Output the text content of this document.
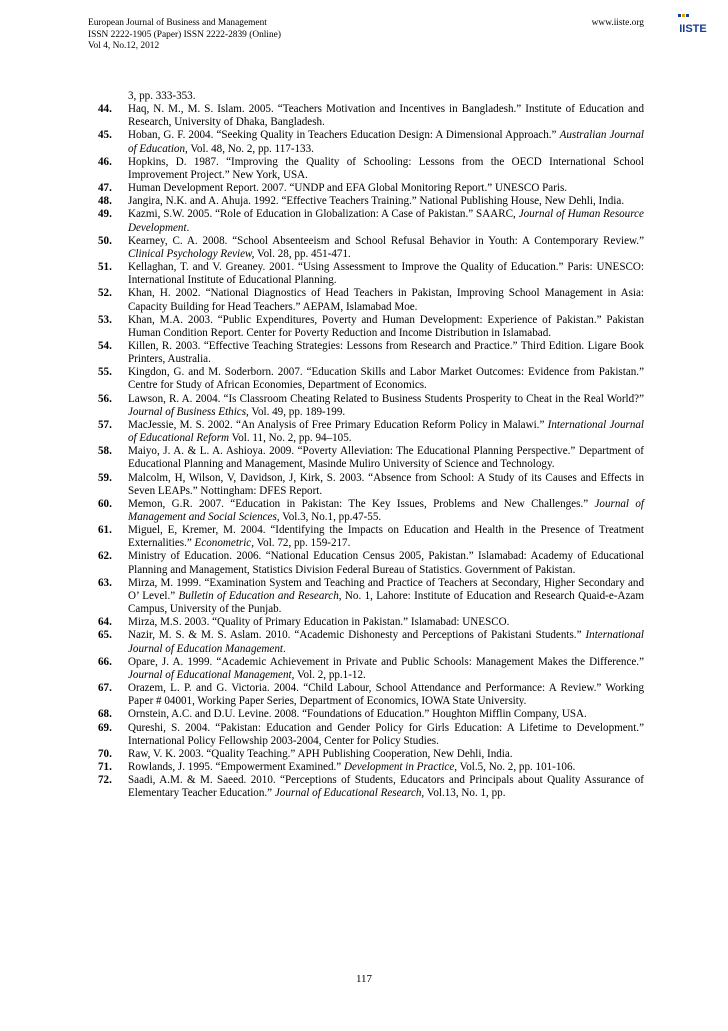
European Journal of Business and Management
ISSN 2222-1905 (Paper) ISSN 2222-2839 (Online)
Vol 4, No.12, 2012
www.iiste.org	IISTE
3, pp. 333-353.
44.	Haq, N. M., M. S. Islam. 2005. “Teachers Motivation and Incentives in Bangladesh.” Institute of Education and Research, University of Dhaka, Bangladesh.
45.	Hoban, G. F. 2004. “Seeking Quality in Teachers Education Design: A Dimensional Approach.” Australian Journal of Education, Vol. 48, No. 2, pp. 117-133.
46.	Hopkins, D. 1987. “Improving the Quality of Schooling: Lessons from the OECD International School Improvement Project.” New York, USA.
47.	Human Development Report. 2007. “UNDP and EFA Global Monitoring Report.” UNESCO Paris.
48.	Jangira, N.K. and A. Ahuja. 1992. “Effective Teachers Training.” National Publishing House, New Dehli, India.
49.	Kazmi, S.W. 2005. “Role of Education in Globalization: A Case of Pakistan.” SAARC, Journal of Human Resource Development.
50.	Kearney, C. A. 2008. “School Absenteeism and School Refusal Behavior in Youth: A Contemporary Review.” Clinical Psychology Review, Vol. 28, pp. 451-471.
51.	Kellaghan, T. and V. Greaney. 2001. “Using Assessment to Improve the Quality of Education.” Paris: UNESCO: International Institute of Educational Planning.
52.	Khan, H. 2002. “National Diagnostics of Head Teachers in Pakistan, Improving School Management in Asia: Capacity Building for Head Teachers.” AEPAM, Islamabad Moe.
53.	Khan, M.A. 2003. “Public Expenditures, Poverty and Human Development: Experience of Pakistan.” Pakistan Human Condition Report. Center for Poverty Reduction and Income Distribution in Islamabad.
54.	Killen, R. 2003. “Effective Teaching Strategies: Lessons from Research and Practice.” Third Edition. Ligare Book Printers, Australia.
55.	Kingdon, G. and M. Soderborn. 2007. “Education Skills and Labor Market Outcomes: Evidence from Pakistan.” Centre for Study of African Economies, Department of Economics.
56.	Lawson, R. A. 2004. “Is Classroom Cheating Related to Business Students Prosperity to Cheat in the Real World?” Journal of Business Ethics, Vol. 49, pp. 189-199.
57.	MacJessie, M. S. 2002. “An Analysis of Free Primary Education Reform Policy in Malawi.” International Journal of Educational Reform Vol. 11, No. 2, pp. 94–105.
58.	Maiyo, J. A. & L. A. Ashioya. 2009. “Poverty Alleviation: The Educational Planning Perspective.” Department of Educational Planning and Management, Masinde Muliro University of Science and Technology.
59.	Malcolm, H, Wilson, V, Davidson, J, Kirk, S. 2003. “Absence from School: A Study of its Causes and Effects in Seven LEAPs.” Nottingham: DFES Report.
60.	Memon, G.R. 2007. “Education in Pakistan: The Key Issues, Problems and New Challenges.” Journal of Management and Social Sciences, Vol.3, No.1, pp.47-55.
61.	Miguel, E, Kremer, M. 2004. “Identifying the Impacts on Education and Health in the Presence of Treatment Externalities.” Econometric, Vol. 72, pp. 159-217.
62.	Ministry of Education. 2006. “National Education Census 2005, Pakistan.” Islamabad: Academy of Educational Planning and Management, Statistics Division Federal Bureau of Statistics. Government of Pakistan.
63.	Mirza, M. 1999. “Examination System and Teaching and Practice of Teachers at Secondary, Higher Secondary and O’ Level.” Bulletin of Education and Research, No. 1, Lahore: Institute of Education and Research Quaid-e-Azam Campus, University of the Punjab.
64.	Mirza, M.S. 2003. “Quality of Primary Education in Pakistan.” Islamabad: UNESCO.
65.	Nazir, M. S. & M. S. Aslam. 2010. “Academic Dishonesty and Perceptions of Pakistani Students.” International Journal of Education Management.
66.	Opare, J. A. 1999. “Academic Achievement in Private and Public Schools: Management Makes the Difference.” Journal of Educational Management, Vol. 2, pp.1-12.
67.	Orazem, L. P. and G. Victoria. 2004. “Child Labour, School Attendance and Performance: A Review.” Working Paper # 04001, Working Paper Series, Department of Economics, IOWA State University.
68.	Ornstein, A.C. and D.U. Levine. 2008. “Foundations of Education.” Houghton Mifflin Company, USA.
69.	Qureshi, S. 2004. “Pakistan: Education and Gender Policy for Girls Education: A Lifetime to Development.” International Policy Fellowship 2003-2004, Center for Policy Studies.
70.	Raw, V. K. 2003. “Quality Teaching.” APH Publishing Cooperation, New Dehli, India.
71.	Rowlands, J. 1995. “Empowerment Examined.” Development in Practice, Vol.5, No. 2, pp. 101-106.
72.	Saadi, A.M. & M. Saeed. 2010. “Perceptions of Students, Educators and Principals about Quality Assurance of Elementary Teacher Education.” Journal of Educational Research, Vol.13, No. 1, pp.
117
